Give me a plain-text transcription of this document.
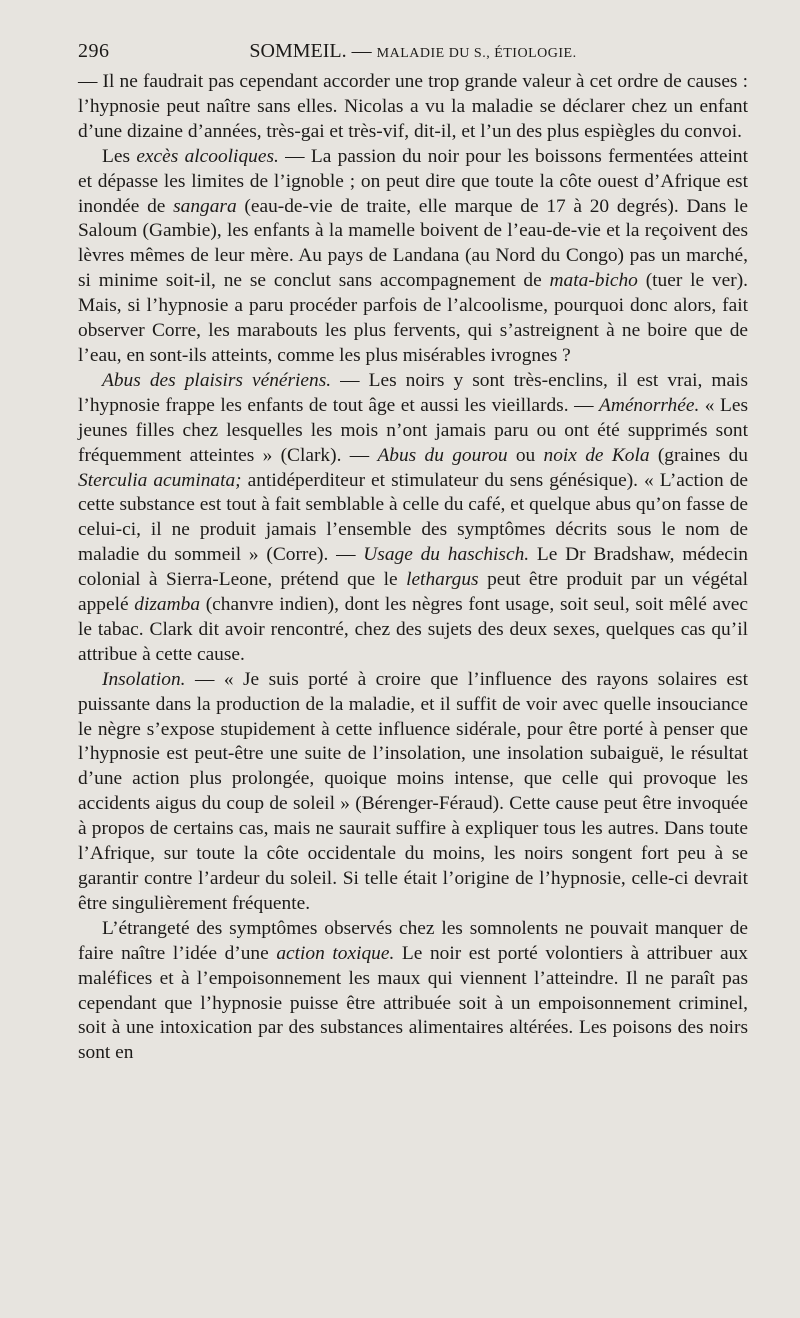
296	SOMMEIL. — MALADIE DU S., ÉTIOLOGIE.

— Il ne faudrait pas cependant accorder une trop grande valeur à cet ordre de causes : l’hypnosie peut naître sans elles. Nicolas a vu la maladie se déclarer chez un enfant d’une dizaine d’années, très-gai et très-vif, dit-il, et l’un des plus espiègles du convoi.

Les excès alcooliques. — La passion du noir pour les boissons fermentées atteint et dépasse les limites de l’ignoble ; on peut dire que toute la côte ouest d’Afrique est inondée de sangara (eau-de-vie de traite, elle marque de 17 à 20 degrés). Dans le Saloum (Gambie), les enfants à la mamelle boivent de l’eau-de-vie et la reçoivent des lèvres mêmes de leur mère. Au pays de Landana (au Nord du Congo) pas un marché, si minime soit-il, ne se conclut sans accompagnement de mata-bicho (tuer le ver). Mais, si l’hypnosie a paru procéder parfois de l’alcoolisme, pourquoi donc alors, fait observer Corre, les marabouts les plus fervents, qui s’astreignent à ne boire que de l’eau, en sont-ils atteints, comme les plus misérables ivrognes ?

Abus des plaisirs vénériens. — Les noirs y sont très-enclins, il est vrai, mais l’hypnosie frappe les enfants de tout âge et aussi les vieillards. — Aménorrhée. « Les jeunes filles chez lesquelles les mois n’ont jamais paru ou ont été supprimés sont fréquemment atteintes » (Clark). — Abus du gourou ou noix de Kola (graines du Sterculia acuminata; antidéperditeur et stimulateur du sens génésique). « L’action de cette substance est tout à fait semblable à celle du café, et quelque abus qu’on fasse de celui-ci, il ne produit jamais l’ensemble des symptômes décrits sous le nom de maladie du sommeil » (Corre). — Usage du haschisch. Le Dr Bradshaw, médecin colonial à Sierra-Leone, prétend que le lethargus peut être produit par un végétal appelé dizamba (chanvre indien), dont les nègres font usage, soit seul, soit mêlé avec le tabac. Clark dit avoir rencontré, chez des sujets des deux sexes, quelques cas qu’il attribue à cette cause.

Insolation. — « Je suis porté à croire que l’influence des rayons solaires est puissante dans la production de la maladie, et il suffit de voir avec quelle insouciance le nègre s’expose stupidement à cette influence sidérale, pour être porté à penser que l’hypnosie est peut-être une suite de l’insolation, une insolation subaiguë, le résultat d’une action plus prolongée, quoique moins intense, que celle qui provoque les accidents aigus du coup de soleil » (Bérenger-Féraud). Cette cause peut être invoquée à propos de certains cas, mais ne saurait suffire à expliquer tous les autres. Dans toute l’Afrique, sur toute la côte occidentale du moins, les noirs songent fort peu à se garantir contre l’ardeur du soleil. Si telle était l’origine de l’hypnosie, celle-ci devrait être singulièrement fréquente.

L’étrangeté des symptômes observés chez les somnolents ne pouvait manquer de faire naître l’idée d’une action toxique. Le noir est porté volontiers à attribuer aux maléfices et à l’empoisonnement les maux qui viennent l’atteindre. Il ne paraît pas cependant que l’hypnosie puisse être attribuée soit à un empoisonnement criminel, soit à une intoxication par des substances alimentaires altérées. Les poisons des noirs sont en
